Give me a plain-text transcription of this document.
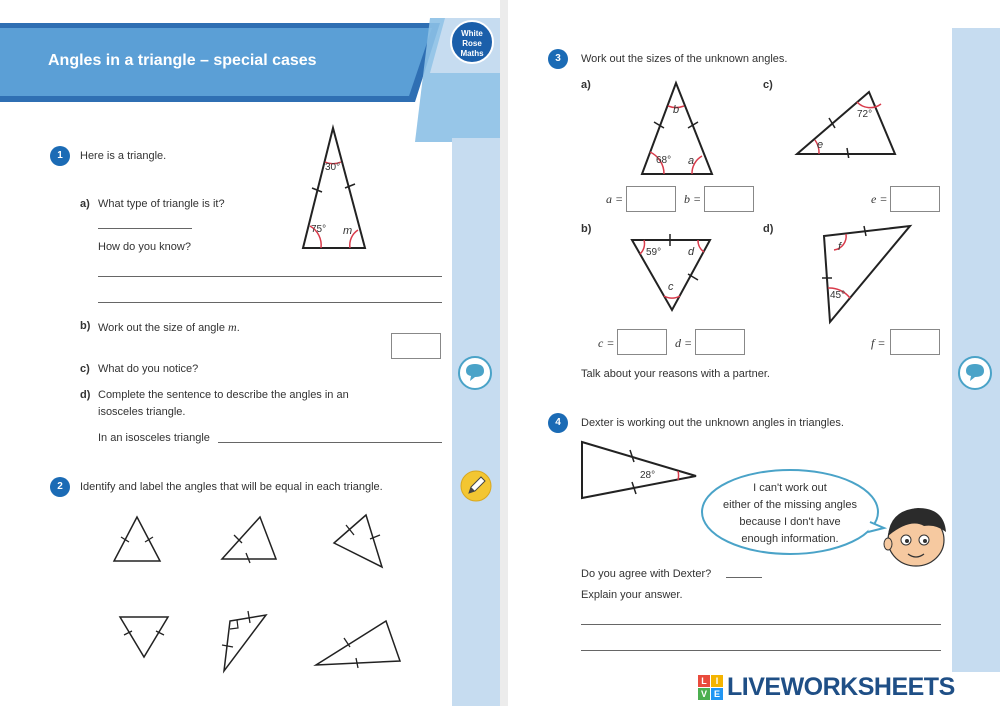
Angles in a triangle – special cases
White Rose Maths
1	Here is a triangle.
30°
75° m
a) What type of triangle is it?
How do you know?
b) Work out the size of angle m.
c) What do you notice?
d) Complete the sentence to describe the angles in an
isosceles triangle.
In an isosceles triangle
2	Identify and label the angles that will be equal in each triangle.
3	Work out the sizes of the unknown angles.
a)	c)
b)	d)
b
68° a
72°
e
a =	b =	e =
59° d
c
f
45°
c =	d =	f =
Talk about your reasons with a partner.
4	Dexter is working out the unknown angles in triangles.
28°
I can't work out
either of the missing angles
because I don't have
enough information.
Do you agree with Dexter?
Explain your answer.
L I
V E LIVEWORKSHEETS
